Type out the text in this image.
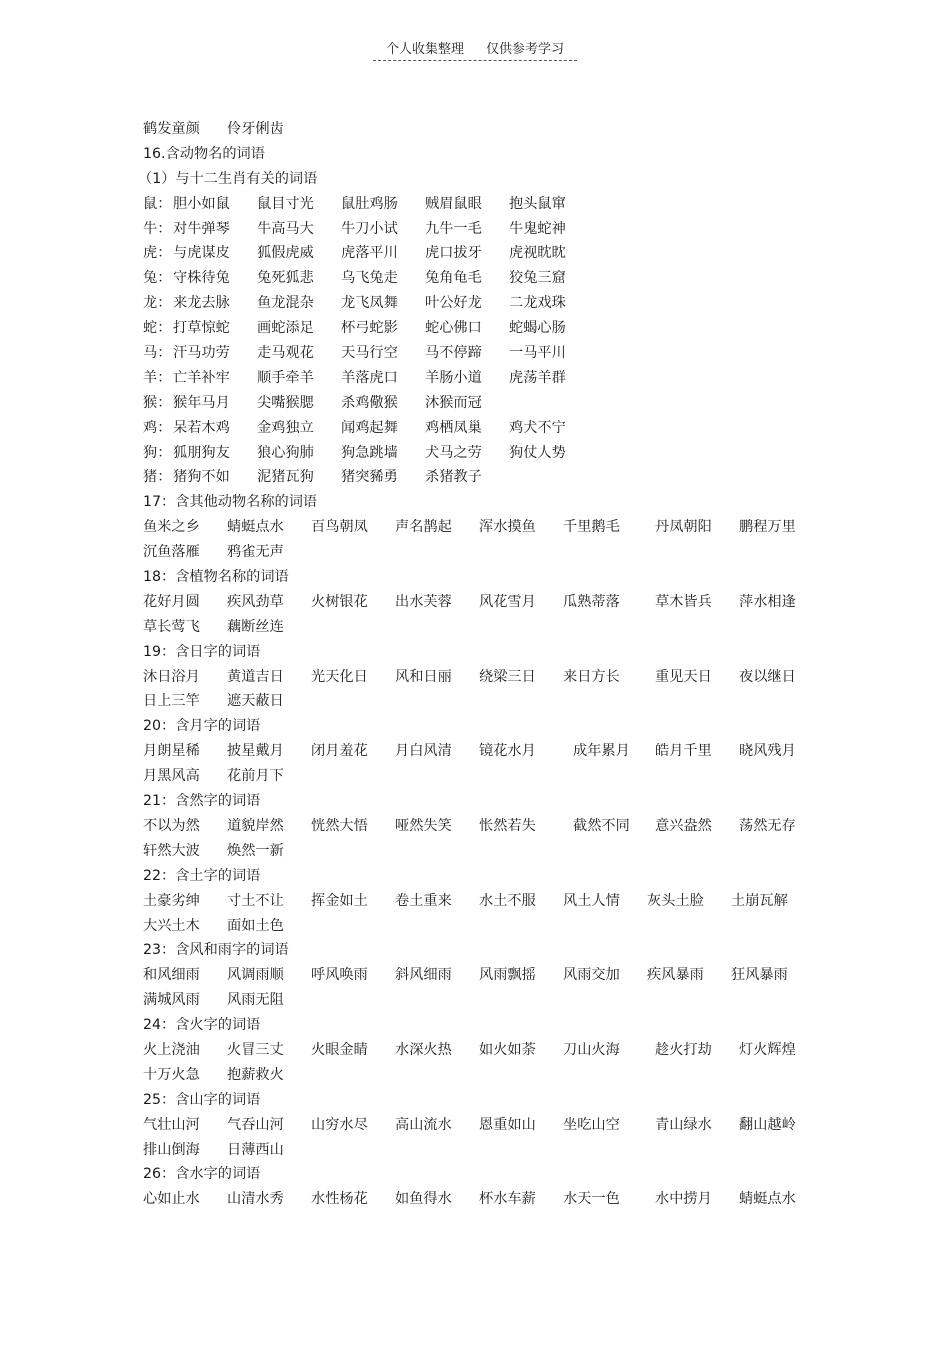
个人收集整理 仅供参考学习
鹤发童颜 伶牙俐齿
16.含动物名的词语
（1）与十二生肖有关的词语
鼠： 胆小如鼠 鼠目寸光 鼠肚鸡肠 贼眉鼠眼 抱头鼠窜
牛： 对牛弹琴 牛高马大 牛刀小试 九牛一毛 牛鬼蛇神
虎： 与虎谋皮 狐假虎威 虎落平川 虎口拔牙 虎视眈眈
兔： 守株待兔 兔死狐悲 乌飞兔走 兔角龟毛 狡兔三窟
龙： 来龙去脉 鱼龙混杂 龙飞凤舞 叶公好龙 二龙戏珠
蛇： 打草惊蛇 画蛇添足 杯弓蛇影 蛇心佛口 蛇蝎心肠
马： 汗马功劳 走马观花 天马行空 马不停蹄 一马平川
羊： 亡羊补牢 顺手牵羊 羊落虎口 羊肠小道 虎荡羊群
猴： 猴年马月 尖嘴猴腮 杀鸡儆猴 沐猴而冠
鸡： 呆若木鸡 金鸡独立 闻鸡起舞 鸡栖凤巢 鸡犬不宁
狗： 狐朋狗友 狼心狗肺 狗急跳墙 犬马之劳 狗仗人势
猪： 猪狗不如 泥猪瓦狗 猪突豨勇 杀猪教子
17：含其他动物名称的词语
鱼米之乡 蜻蜓点水 百鸟朝凤 声名鹊起 浑水摸鱼 千里鹅毛 丹凤朝阳 鹏程万里
沉鱼落雁 鸦雀无声
18：含植物名称的词语
花好月圆 疾风劲草 火树银花 出水芙蓉 风花雪月 瓜熟蒂落 草木皆兵 萍水相逢
草长莺飞 藕断丝连
19：含日字的词语
沐日浴月 黄道吉日 光天化日 风和日丽 绕梁三日 来日方长 重见天日 夜以继日
日上三竿 遮天蔽日
20：含月字的词语
月朗星稀 披星戴月 闭月羞花 月白风清 镜花水月	成年累月 皓月千里 晓风残月
月黑风高 花前月下
21：含然字的词语
不以为然 道貌岸然 恍然大悟 哑然失笑 怅然若失	截然不同 意兴盎然 荡然无存
轩然大波 焕然一新
22：含土字的词语
土豪劣绅 寸土不让 挥金如土 卷土重来 水土不服 风土人情 灰头土脸 土崩瓦解
大兴土木 面如土色
23：含风和雨字的词语
和风细雨 风调雨顺 呼风唤雨 斜风细雨 风雨飘摇 风雨交加 疾风暴雨 狂风暴雨
满城风雨 风雨无阻
24：含火字的词语
火上浇油 火冒三丈 火眼金睛 水深火热 如火如荼 刀山火海 趁火打劫 灯火辉煌
十万火急 抱薪救火
25：含山字的词语
气壮山河 气吞山河 山穷水尽 高山流水 恩重如山 坐吃山空 青山绿水 翻山越岭
排山倒海 日薄西山
26：含水字的词语
心如止水 山清水秀 水性杨花 如鱼得水 杯水车薪 水天一色 水中捞月 蜻蜓点水
